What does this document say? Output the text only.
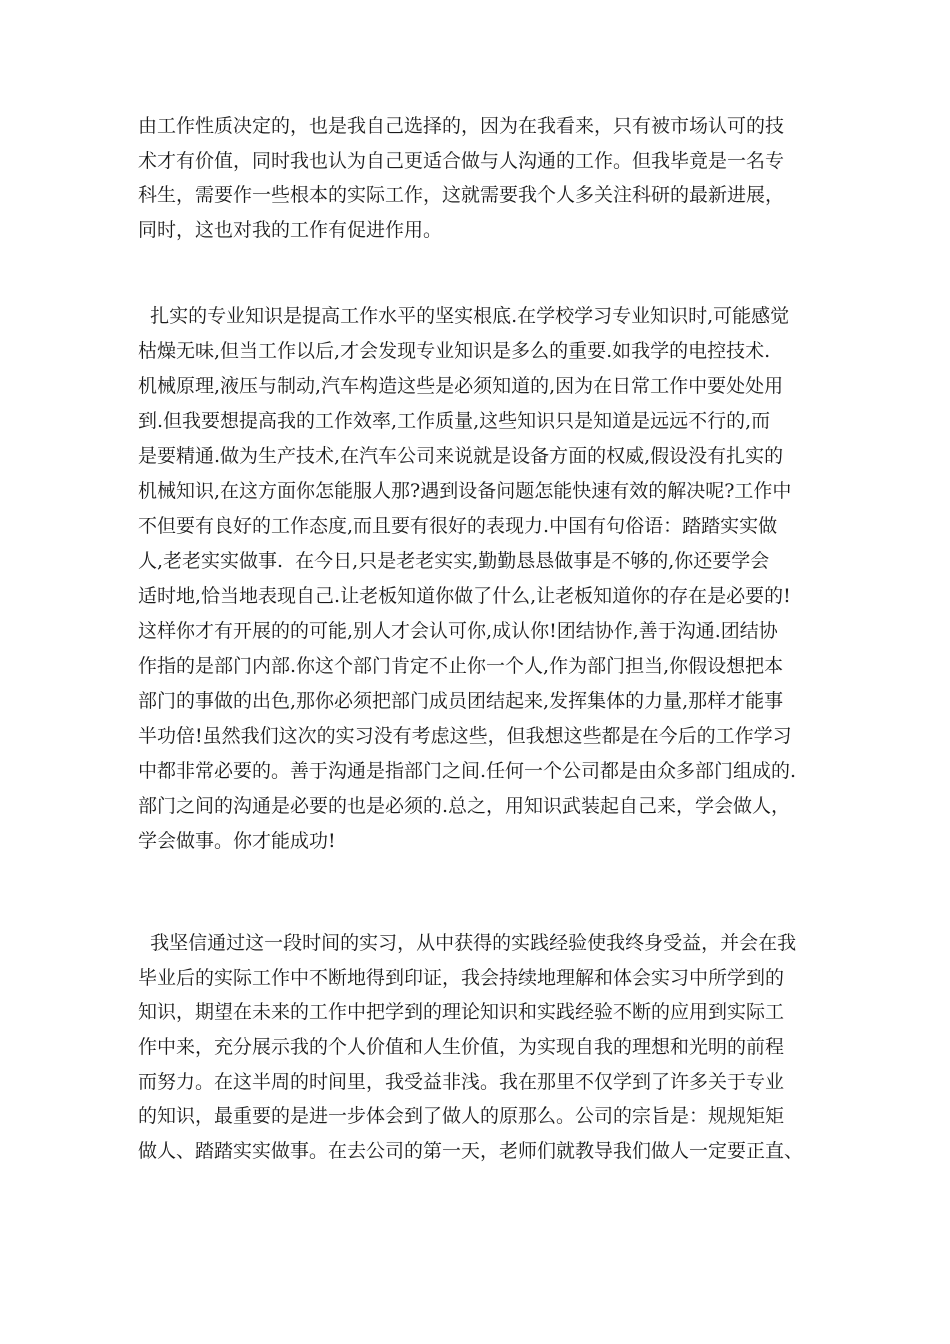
由工作性质决定的，也是我自己选择的，因为在我看来，只有被市场认可的技
术才有价值，同时我也认为自己更适合做与人沟通的工作。但我毕竟是一名专
科生，需要作一些根本的实际工作，这就需要我个人多关注科研的最新进展，
同时，这也对我的工作有促进作用。
扎实的专业知识是提高工作水平的坚实根底.在学校学习专业知识时,可能感觉
枯燥无味,但当工作以后,才会发现专业知识是多么的重要.如我学的电控技术.
机械原理,液压与制动,汽车构造这些是必须知道的,因为在日常工作中要处处用
到.但我要想提高我的工作效率,工作质量,这些知识只是知道是远远不行的,而
是要精通.做为生产技术,在汽车公司来说就是设备方面的权威,假设没有扎实的
机械知识,在这方面你怎能服人那?遇到设备问题怎能快速有效的解决呢?工作中
不但要有良好的工作态度,而且要有很好的表现力.中国有句俗语：踏踏实实做
人,老老实实做事.  在今日,只是老老实实,勤勤恳恳做事是不够的,你还要学会
适时地,恰当地表现自己.让老板知道你做了什么,让老板知道你的存在是必要的!
这样你才有开展的的可能,别人才会认可你,成认你!团结协作,善于沟通.团结协
作指的是部门内部.你这个部门肯定不止你一个人,作为部门担当,你假设想把本
部门的事做的出色,那你必须把部门成员团结起来,发挥集体的力量,那样才能事
半功倍!虽然我们这次的实习没有考虑这些，但我想这些都是在今后的工作学习
中都非常必要的。善于沟通是指部门之间.任何一个公司都是由众多部门组成的.
部门之间的沟通是必要的也是必须的.总之，用知识武装起自己来，学会做人，
学会做事。你才能成功!
我坚信通过这一段时间的实习，从中获得的实践经验使我终身受益，并会在我
毕业后的实际工作中不断地得到印证，我会持续地理解和体会实习中所学到的
知识，期望在未来的工作中把学到的理论知识和实践经验不断的应用到实际工
作中来，充分展示我的个人价值和人生价值，为实现自我的理想和光明的前程
而努力。在这半周的时间里，我受益非浅。我在那里不仅学到了许多关于专业
的知识，最重要的是进一步体会到了做人的原那么。公司的宗旨是：规规矩矩
做人、踏踏实实做事。在去公司的第一天，老师们就教导我们做人一定要正直、
